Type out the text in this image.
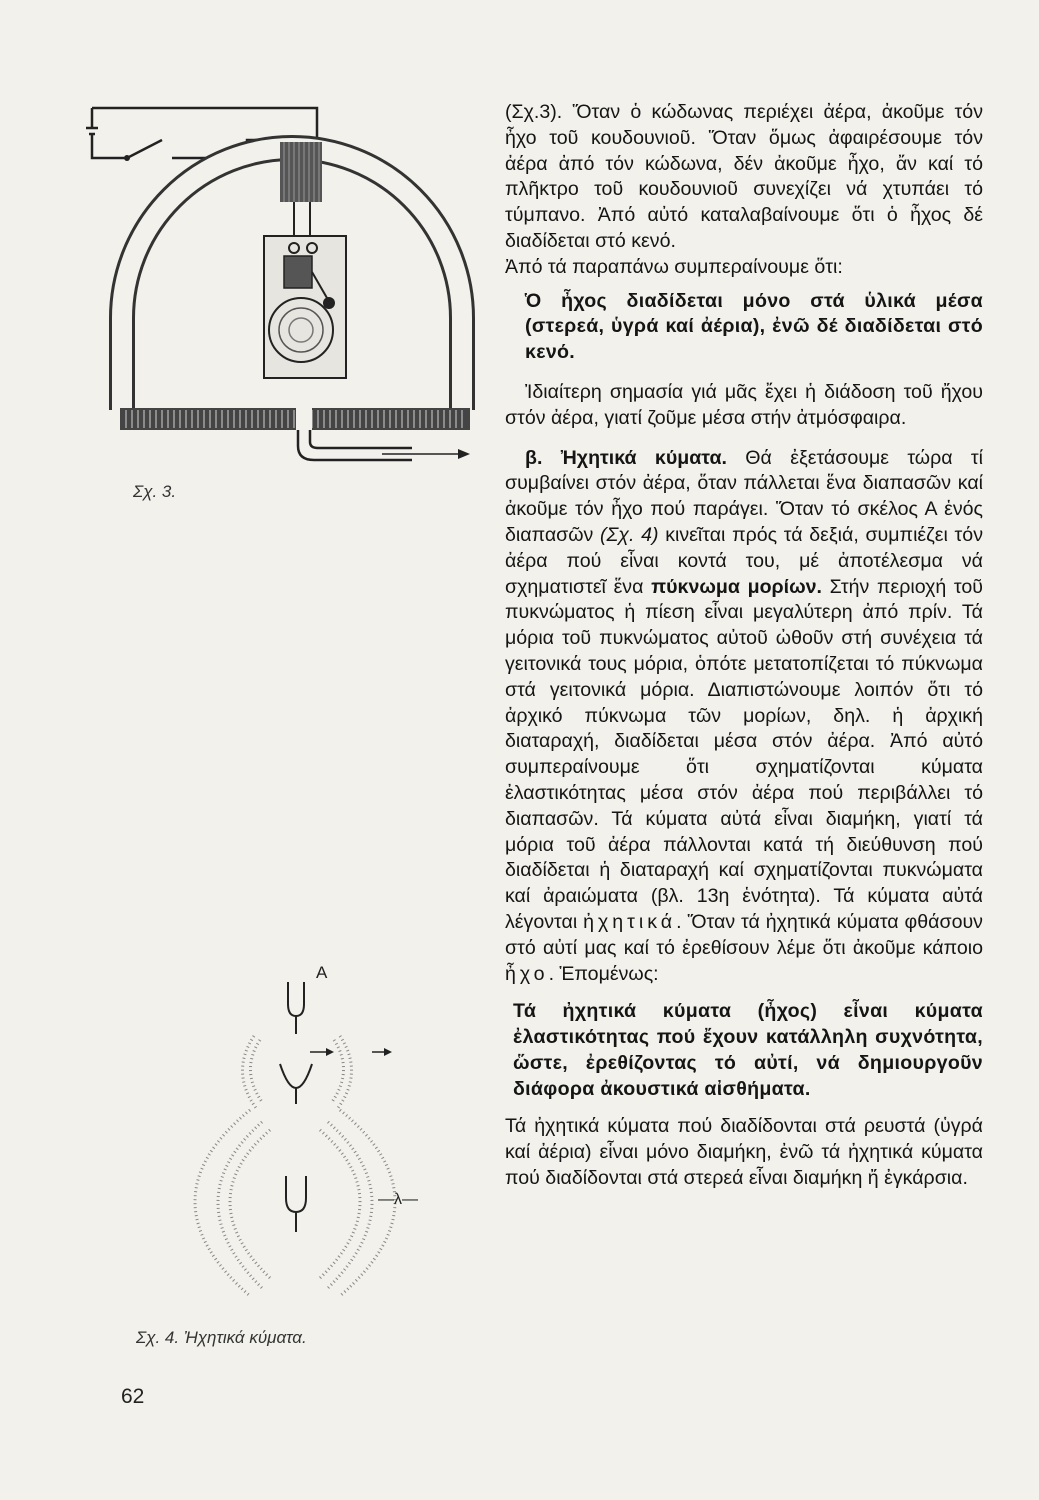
Σχ. 3.
A
—λ—
Σχ. 4. Ἠχητικά κύματα.
62

(Σχ.3). Ὅταν ὁ κώδωνας περιέχει ἀέρα, ἀκοῦμε τόν ἦχο τοῦ κουδουνιοῦ. Ὅταν ὅμως ἀφαιρέσουμε τόν ἀέρα ἀπό τόν κώδωνα, δέν ἀκοῦμε ἦχο, ἄν καί τό πλῆκτρο τοῦ κουδουνιοῦ συνεχίζει νά χτυπάει τό τύμπανο. Ἀπό αὐτό καταλαβαίνουμε ὅτι ὁ ἦχος δέ διαδίδεται στό κενό.

Ἀπό τά παραπάνω συμπεραίνουμε ὅτι:

Ὁ ἦχος διαδίδεται μόνο στά ὑλικά μέσα (στερεά, ὑγρά καί ἀέρια), ἐνῶ δέ διαδίδεται στό κενό.

Ἰδιαίτερη σημασία γιά μᾶς ἔχει ἡ διάδοση τοῦ ἤχου στόν ἀέρα, γιατί ζοῦμε μέσα στήν ἀτμόσφαιρα.

β. Ἠχητικά κύματα. Θά ἐξετάσουμε τώρα τί συμβαίνει στόν ἀέρα, ὅταν πάλλεται ἕνα διαπασῶν καί ἀκοῦμε τόν ἦχο πού παράγει. Ὅταν τό σκέλος Α ἑνός διαπασῶν (Σχ. 4) κινεῖται πρός τά δεξιά, συμπιέζει τόν ἀέρα πού εἶναι κοντά του, μέ ἀποτέλεσμα νά σχηματιστεῖ ἕνα πύκνωμα μορίων. Στήν περιοχή τοῦ πυκνώματος ἡ πίεση εἶναι μεγαλύτερη ἀπό πρίν. Τά μόρια τοῦ πυκνώματος αὐτοῦ ὠθοῦν στή συνέχεια τά γειτονικά τους μόρια, ὁπότε μετατοπίζεται τό πύκνωμα στά γειτονικά μόρια. Διαπιστώνουμε λοιπόν ὅτι τό ἀρχικό πύκνωμα τῶν μορίων, δηλ. ἡ ἀρχική διαταραχή, διαδίδεται μέσα στόν ἀέρα. Ἀπό αὐτό συμπεραίνουμε ὅτι σχηματίζονται κύματα ἐλαστικότητας μέσα στόν ἀέρα πού περιβάλλει τό διαπασῶν. Τά κύματα αὐτά εἶναι διαμήκη, γιατί τά μόρια τοῦ ἀέρα πάλλονται κατά τή διεύθυνση πού διαδίδεται ἡ διαταραχή καί σχηματίζονται πυκνώματα καί ἀραιώματα (βλ. 13η ἑνότητα). Τά κύματα αὐτά λέγονται ἠχητικά. Ὅταν τά ἠχητικά κύματα φθάσουν στό αὐτί μας καί τό ἐρεθίσουν λέμε ὅτι ἀκοῦμε κάποιο ἦχο. Ἑπομένως:

Τά ἠχητικά κύματα (ἦχος) εἶναι κύματα ἐλαστικότητας πού ἔχουν κατάλληλη συχνότητα, ὥστε, ἐρεθίζοντας τό αὐτί, νά δημιουργοῦν διάφορα ἀκουστικά αἰσθήματα.

Τά ἠχητικά κύματα πού διαδίδονται στά ρευστά (ὑγρά καί ἀέρια) εἶναι μόνο διαμήκη, ἐνῶ τά ἠχητικά κύματα πού διαδίδονται στά στερεά εἶναι διαμήκη ἤ ἐγκάρσια.
